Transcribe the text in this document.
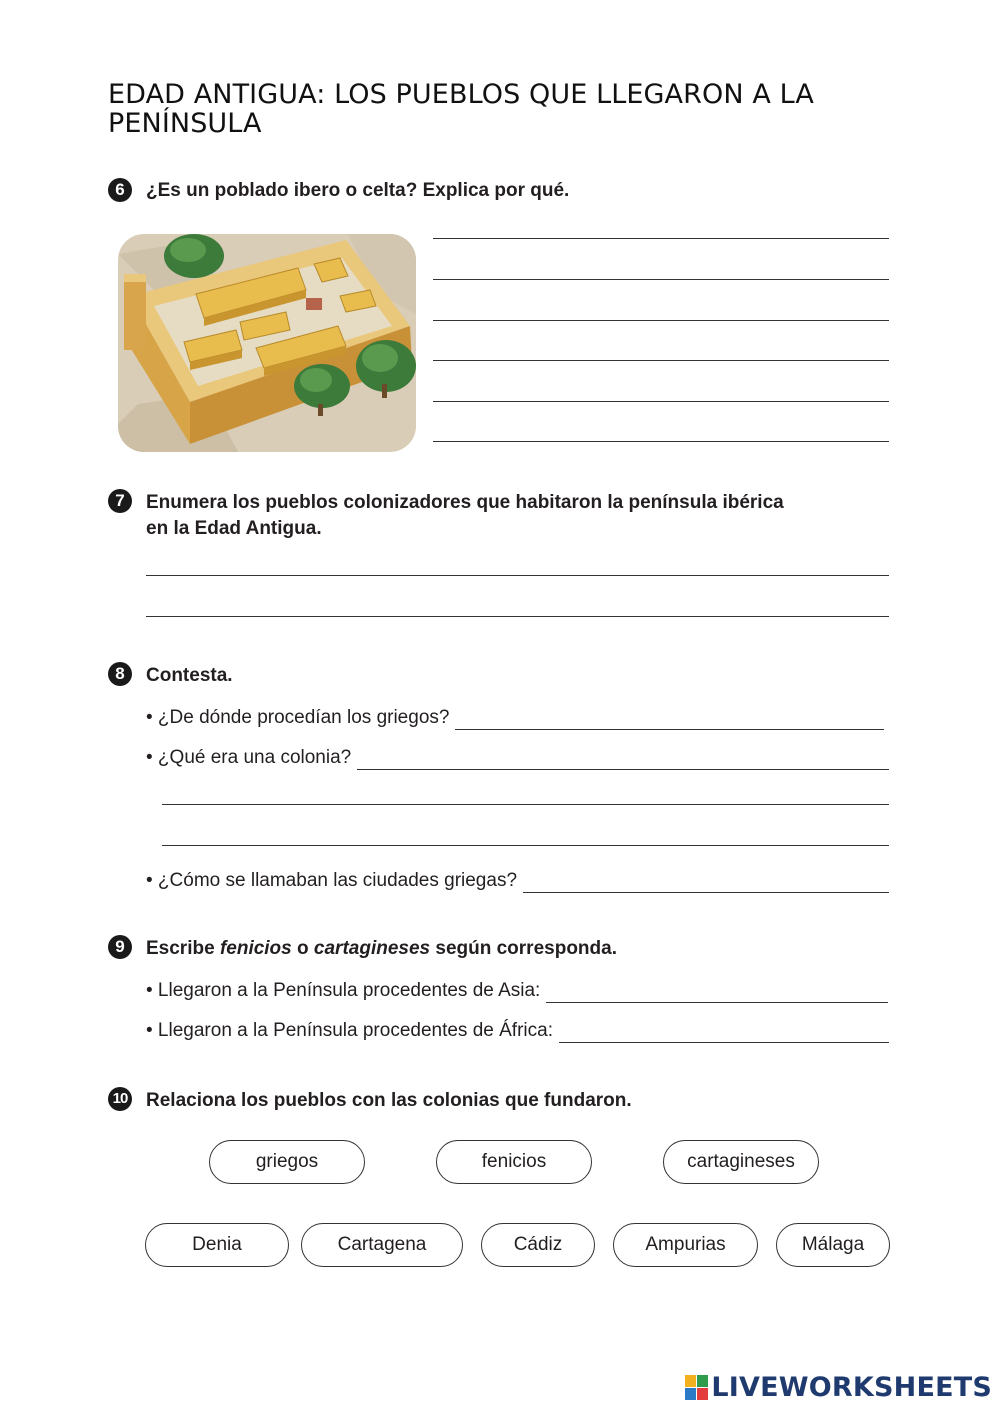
EDAD ANTIGUA: LOS PUEBLOS QUE LLEGARON A LA PENÍNSULA
6	¿Es un poblado ibero o celta? Explica por qué.
7	Enumera los pueblos colonizadores que habitaron la península ibérica
en la Edad Antigua.
8	Contesta.
• ¿De dónde procedían los griegos?
• ¿Qué era una colonia?
• ¿Cómo se llamaban las ciudades griegas?
9	Escribe fenicios o cartagineses según corresponda.
• Llegaron a la Península procedentes de Asia:
• Llegaron a la Península procedentes de África:
10 Relaciona los pueblos con las colonias que fundaron.
griegos	fenicios	cartagineses
Denia	Cartagena	Cádiz	Ampurias	Málaga
LIVEWORKSHEETS
